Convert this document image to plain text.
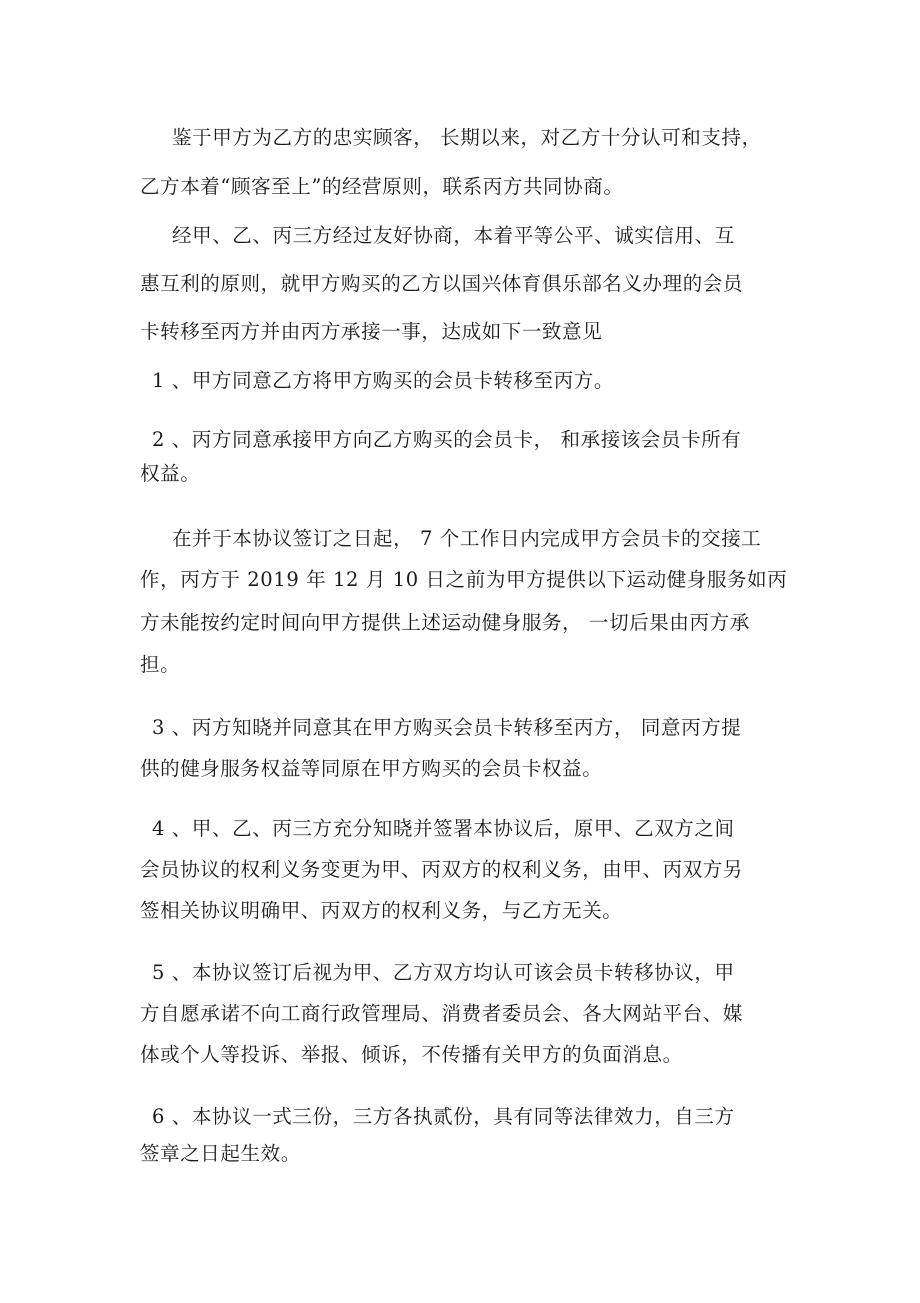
鉴于甲方为乙方的忠实顾客， 长期以来，对乙方十分认可和支持，
乙方本着“顾客至上”的经营原则，联系丙方共同协商。
经甲、乙、丙三方经过友好协商，本着平等公平、诚实信用、互
惠互利的原则，就甲方购买的乙方以国兴体育俱乐部名义办理的会员
卡转移至丙方并由丙方承接一事，达成如下一致意见
1 、甲方同意乙方将甲方购买的会员卡转移至丙方。
2 、丙方同意承接甲方向乙方购买的会员卡， 和承接该会员卡所有
权益。
在并于本协议签订之日起， 7 个工作日内完成甲方会员卡的交接工
作，丙方于 2019 年 12 月 10 日之前为甲方提供以下运动健身服务如丙
方未能按约定时间向甲方提供上述运动健身服务， 一切后果由丙方承
担。
3 、丙方知晓并同意其在甲方购买会员卡转移至丙方， 同意丙方提
供的健身服务权益等同原在甲方购买的会员卡权益。
4 、甲、乙、丙三方充分知晓并签署本协议后，原甲、乙双方之间
会员协议的权利义务变更为甲、丙双方的权利义务，由甲、丙双方另
签相关协议明确甲、丙双方的权利义务，与乙方无关。
5 、本协议签订后视为甲、乙方双方均认可该会员卡转移协议，甲
方自愿承诺不向工商行政管理局、消费者委员会、各大网站平台、媒
体或个人等投诉、举报、倾诉，不传播有关甲方的负面消息。
6 、本协议一式三份，三方各执贰份，具有同等法律效力，自三方
签章之日起生效。
